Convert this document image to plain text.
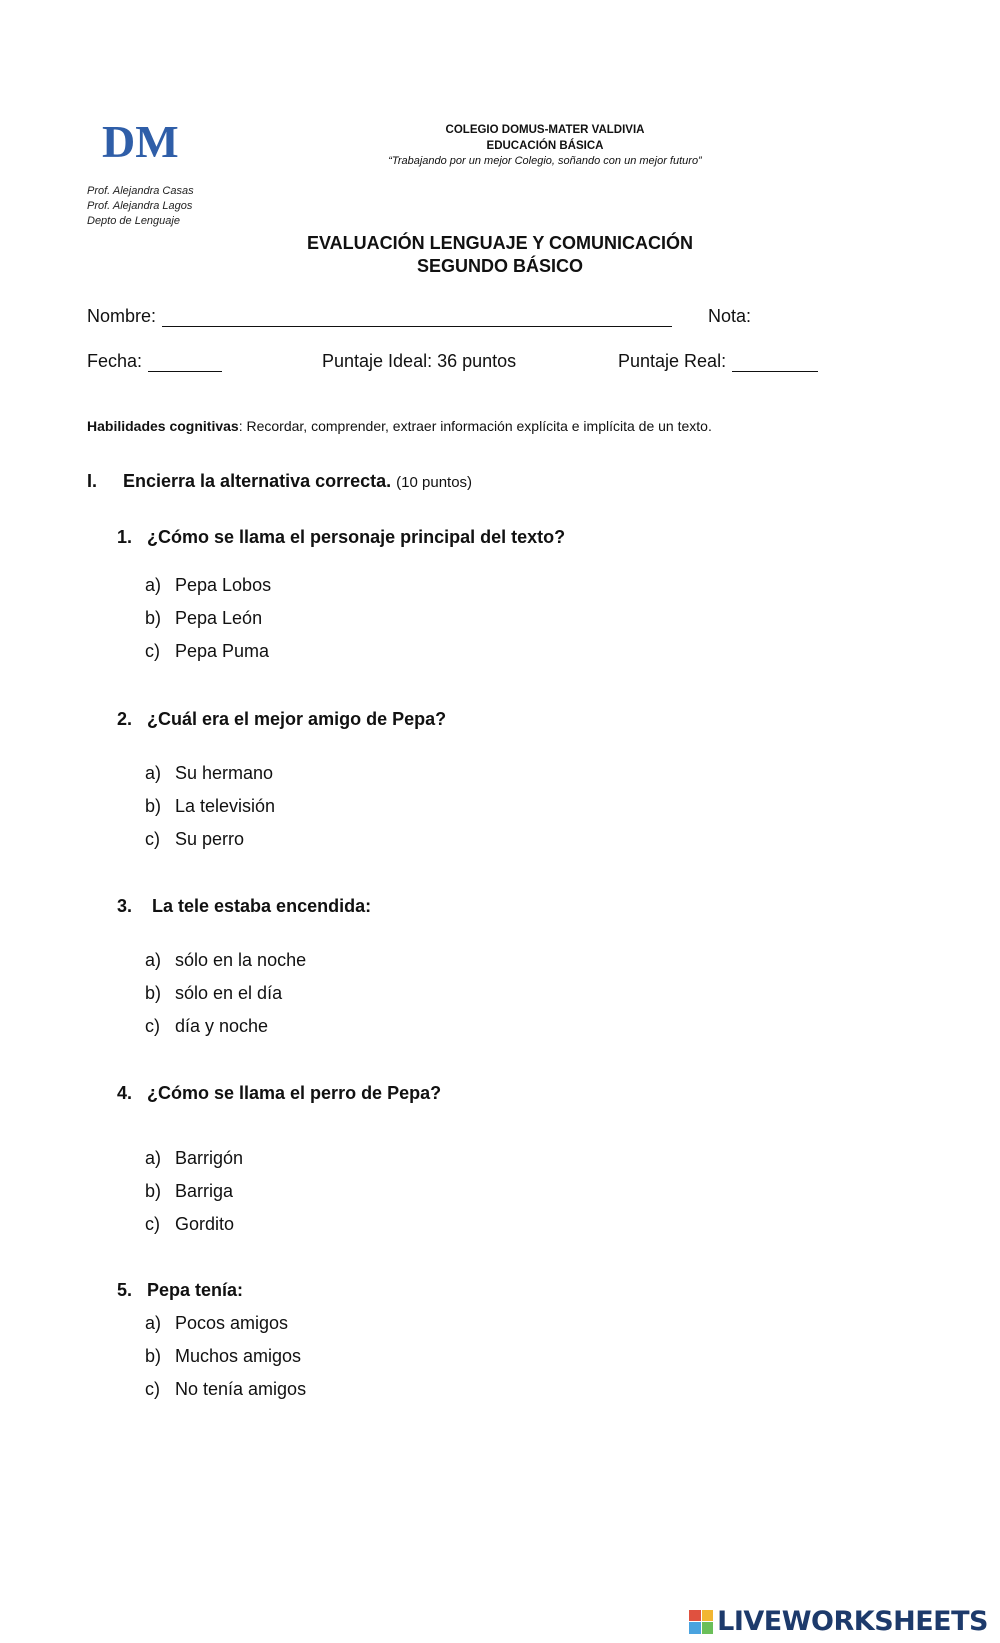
DM	COLEGIO DOMUS-MATER VALDIVIA
EDUCACIÓN BÁSICA
“Trabajando por un mejor Colegio, soñando con un mejor futuro”
Prof. Alejandra Casas
Prof. Alejandra Lagos
Depto de Lenguaje
EVALUACIÓN LENGUAJE Y COMUNICACIÓN
SEGUNDO BÁSICO
Nombre:	Nota:
Fecha:	Puntaje Ideal: 36 puntos	Puntaje Real:
Habilidades cognitivas: Recordar, comprender, extraer información explícita e implícita de un texto.
I. Encierra la alternativa correcta. (10 puntos)
1. ¿Cómo se llama el personaje principal del texto?
a) Pepa Lobos
b) Pepa León
c) Pepa Puma
2. ¿Cuál era el mejor amigo de Pepa?
a) Su hermano
b) La televisión
c) Su perro
3. La tele estaba encendida:
a) sólo en la noche
b) sólo en el día
c) día y noche
4. ¿Cómo se llama el perro de Pepa?
a) Barrigón
b) Barriga
c) Gordito
5. Pepa tenía:
a) Pocos amigos
b) Muchos amigos
c) No tenía amigos
LIVEWORKSHEETS
